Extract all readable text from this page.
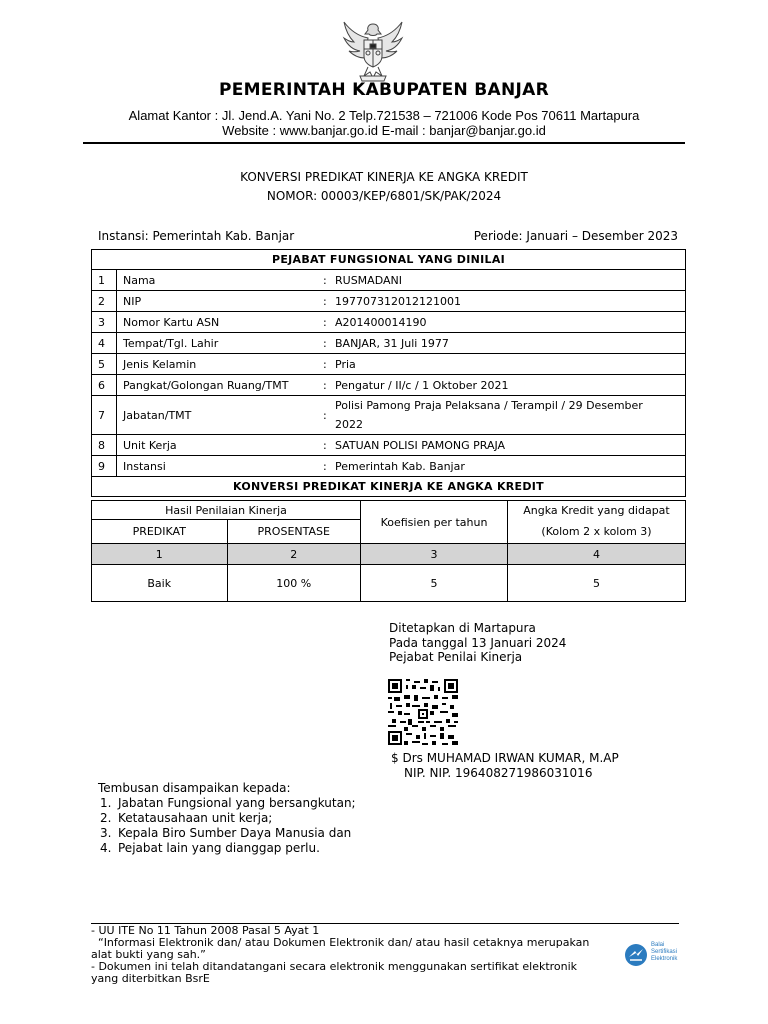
PEMERINTAH KABUPATEN BANJAR
Alamat Kantor : Jl. Jend.A. Yani No. 2 Telp.721538 – 721006 Kode Pos 70611 Martapura
Website : www.banjar.go.id E-mail : banjar@banjar.go.id
KONVERSI PREDIKAT KINERJA KE ANGKA KREDIT
NOMOR: 00003/KEP/6801/SK/PAK/2024
Instansi: Pemerintah Kab. Banjar	Periode: Januari – Desember 2023
PEJABAT FUNGSIONAL YANG DINILAI			
1	Nama	:	RUSMADANI
2	NIP	:	197707312012121001
3	Nomor Kartu ASN	:	A201400014190
4	Tempat/Tgl. Lahir	:	BANJAR, 31 Juli 1977
5	Jenis Kelamin	:	Pria
6	Pangkat/Golongan Ruang/TMT	:	Pengatur / II/c / 1 Oktober 2021
7	Jabatan/TMT	:	Polisi Pamong Praja Pelaksana / Terampil / 29 Desember
2022

8	Unit Kerja	:	SATUAN POLISI PAMONG PRAJA
9	Instansi	:	Pemerintah Kab. Banjar
KONVERSI PREDIKAT KINERJA KE ANGKA KREDIT			
Hasil Penilaian Kinerja		Koefisien per tahun	Angka Kredit yang didapat
PREDIKAT	PROSENTASE		(Kolom 2 x kolom 3)
1	2	3	4
Baik	100 %	5	5
Ditetapkan di Martapura
Pada tanggal 13 Januari 2024
Pejabat Penilai Kinerja
$ Drs MUHAMAD IRWAN KUMAR, M.AP
NIP. NIP. 196408271986031016
Tembusan disampaikan kepada:
1. Jabatan Fungsional yang bersangkutan;
2. Ketatausahaan unit kerja;
3. Kepala Biro Sumber Daya Manusia dan
4. Pejabat lain yang dianggap perlu.
- UU ITE No 11 Tahun 2008 Pasal 5 Ayat 1
“Informasi Elektronik dan/ atau Dokumen Elektronik dan/ atau hasil cetaknya merupakan
alat bukti yang sah.”
- Dokumen ini telah ditandatangani secara elektronik menggunakan sertifikat elektronik
yang diterbitkan BsrE
Balai
Sertifikasi
Elektronik
